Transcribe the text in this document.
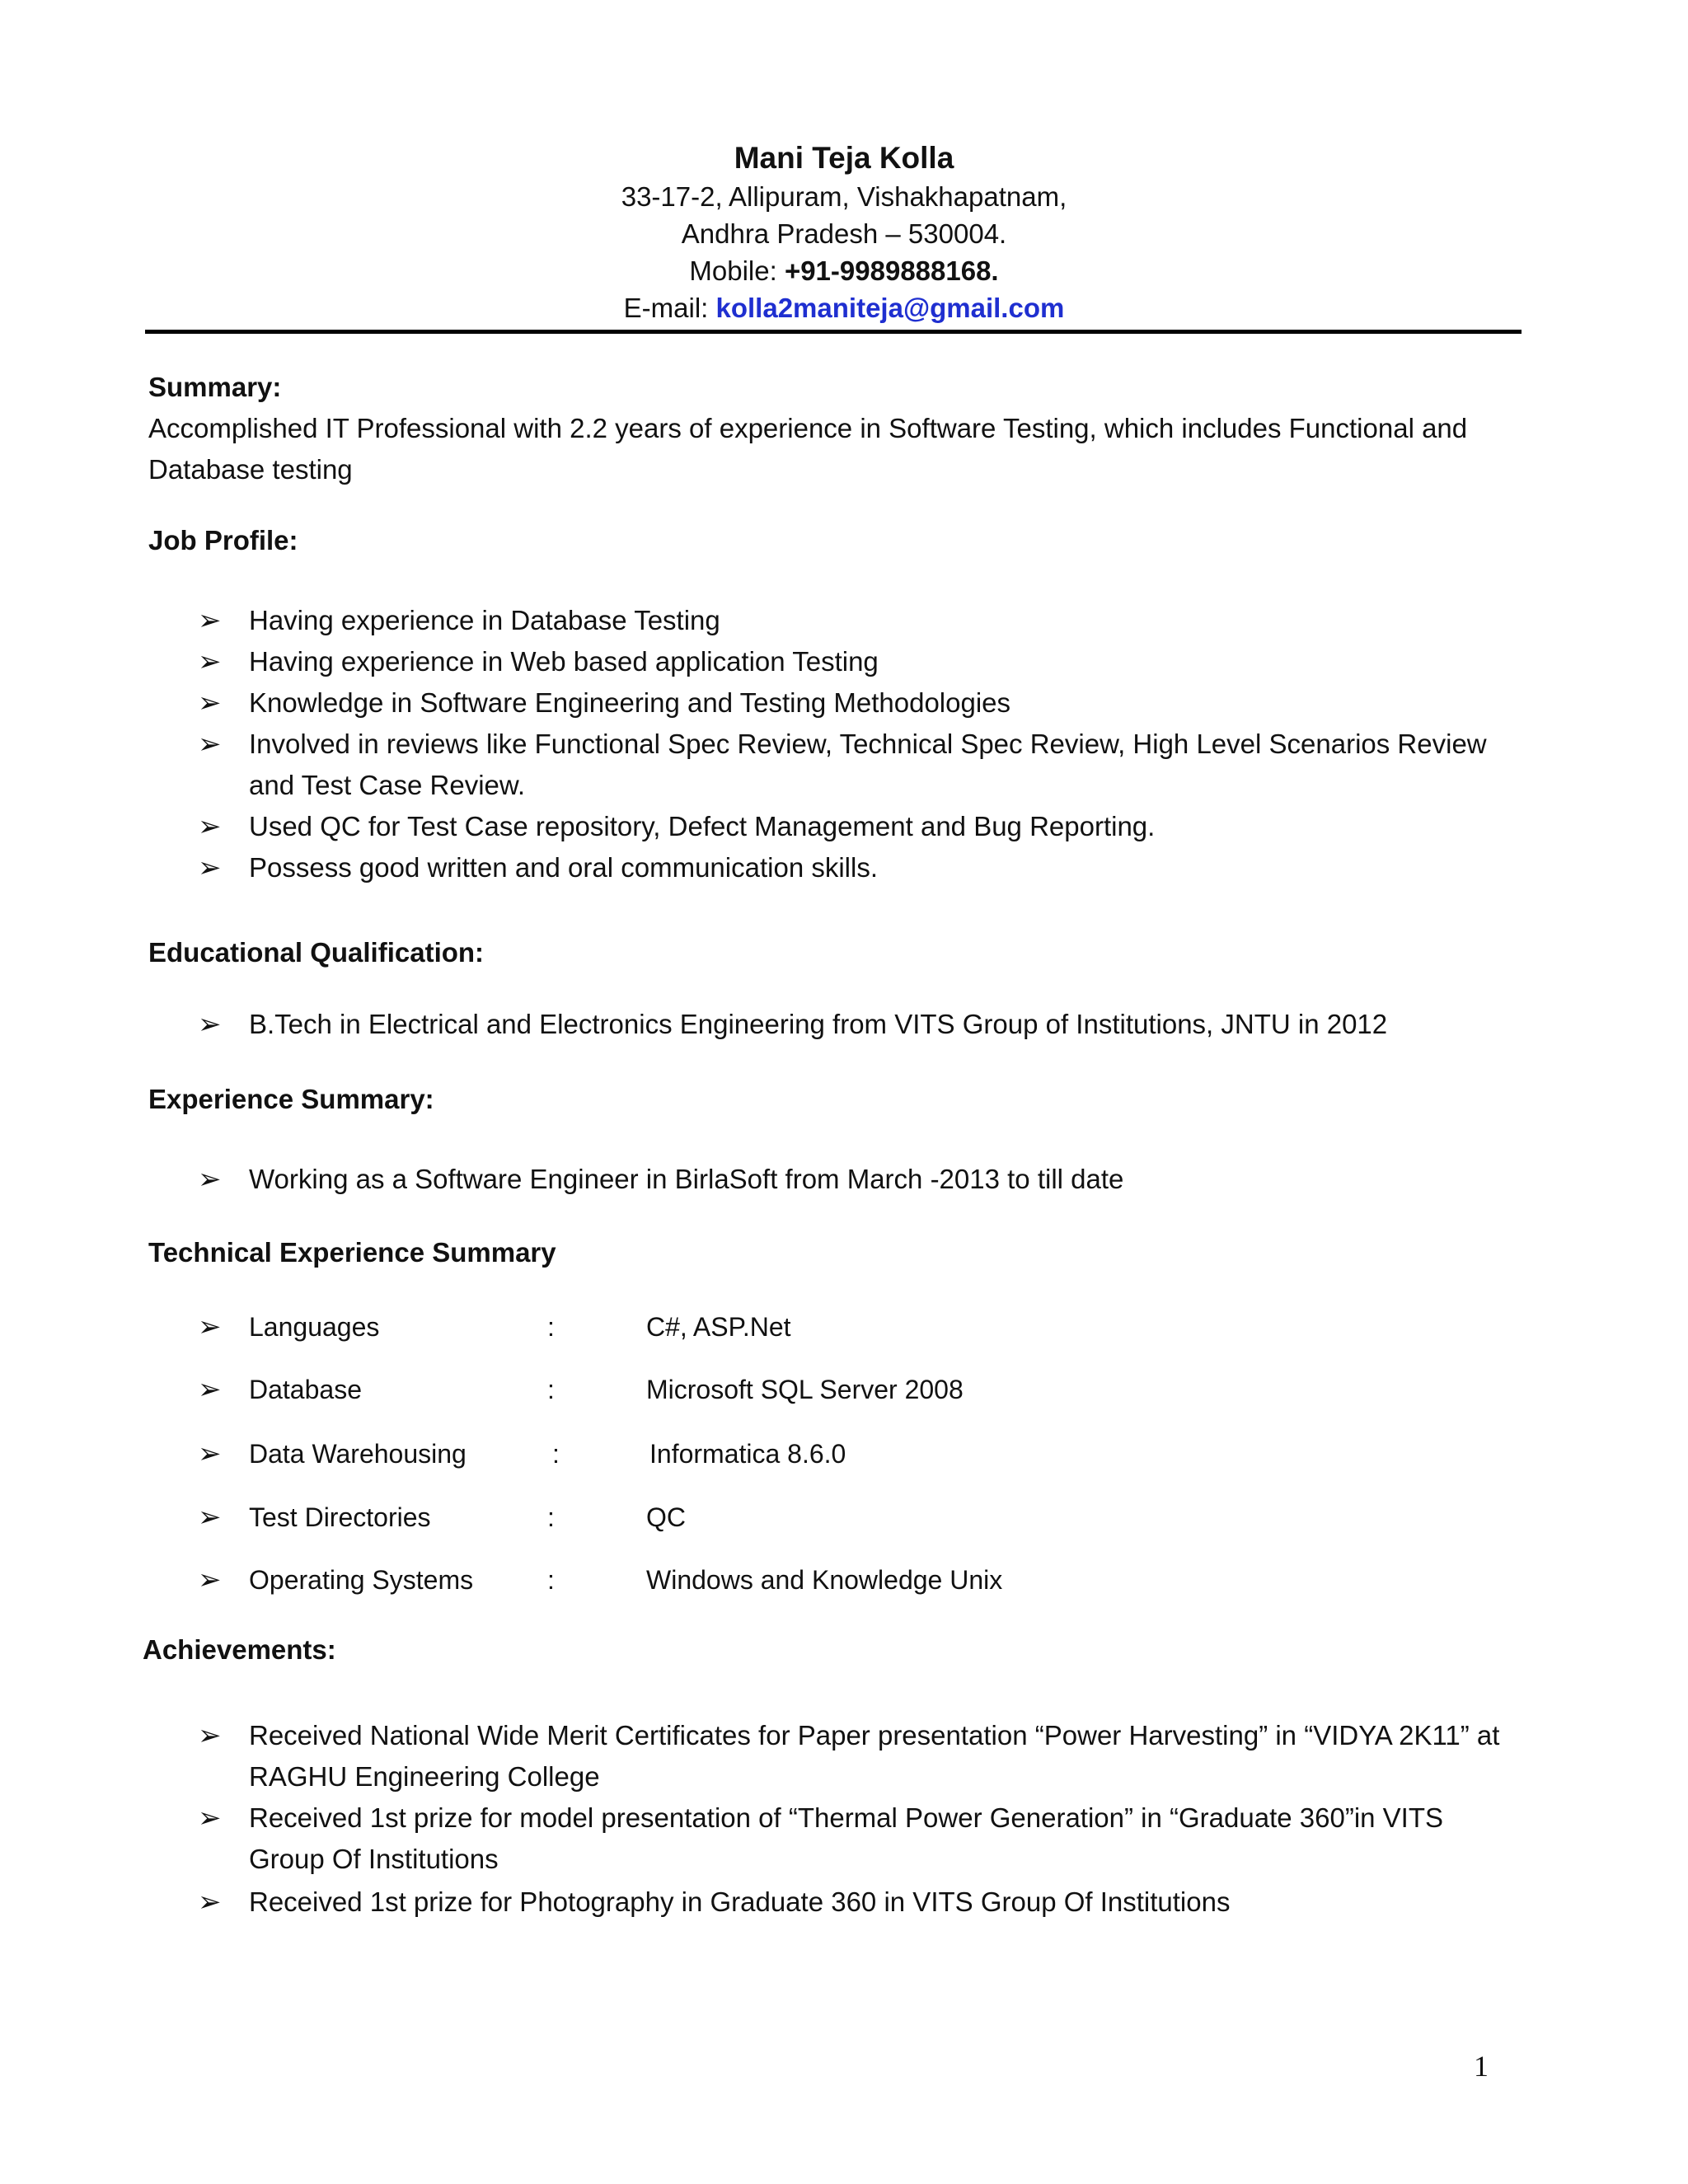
Mani Teja Kolla
33-17-2, Allipuram, Vishakhapatnam,
Andhra Pradesh – 530004.
Mobile: +91-9989888168.
E-mail: kolla2maniteja@gmail.com
Summary:
Accomplished IT Professional with 2.2 years of experience in Software Testing, which includes Functional and Database testing
Job Profile:
➢	Having experience in Database Testing
➢	Having experience in Web based application Testing
➢	Knowledge in Software Engineering and Testing Methodologies
➢	Involved in reviews like Functional Spec Review, Technical Spec Review, High Level Scenarios Review and Test Case Review.
➢	Used QC for Test Case repository, Defect Management and Bug Reporting.
➢	Possess good written and oral communication skills.
Educational Qualification:
➢	B.Tech in Electrical and Electronics Engineering from VITS Group of Institutions, JNTU in 2012
Experience Summary:
➢	Working as a Software Engineer in BirlaSoft from March -2013 to till date
Technical Experience Summary
➢ Languages	:	C#, ASP.Net
➢ Database	:	Microsoft SQL Server 2008
➢ Data Warehousing	:	Informatica 8.6.0
➢ Test Directories	:	QC
➢ Operating Systems	:	Windows and Knowledge Unix
Achievements:
➢	Received National Wide Merit Certificates for Paper presentation “Power Harvesting” in “VIDYA 2K11” at RAGHU Engineering College
➢	Received 1st prize for model presentation of “Thermal Power Generation” in “Graduate 360”in VITS Group Of Institutions
➢	Received 1st prize for Photography in Graduate 360 in VITS Group Of Institutions
1
